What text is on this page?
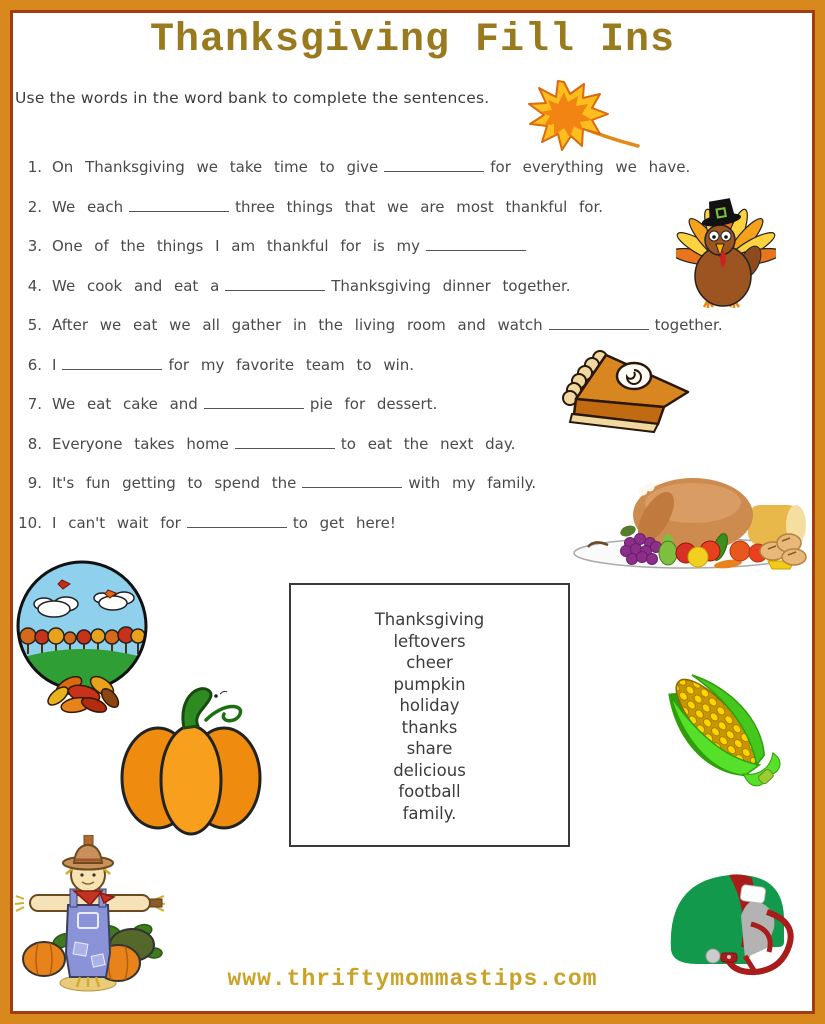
Thanksgiving Fill Ins
Use the words in the word bank to complete the sentences.
1. On Thanksgiving we take time to give	for everything we have.
2. We each	three things that we are most thankful for.
3. One of the things I am thankful for is my
4. We cook and eat a	Thanksgiving dinner together.
5. After we eat we all gather in the living room and watch	together.
6. I	for my favorite team to win.
7. We eat cake and	pie for dessert.
8. Everyone takes home	to eat the next day.
9. It's fun getting to spend the	with my family.
10. I can't wait for	to get here!
Thanksgiving
leftovers
cheer
pumpkin
holiday
thanks
share
delicious
football
family.
www.thriftymommastips.com
